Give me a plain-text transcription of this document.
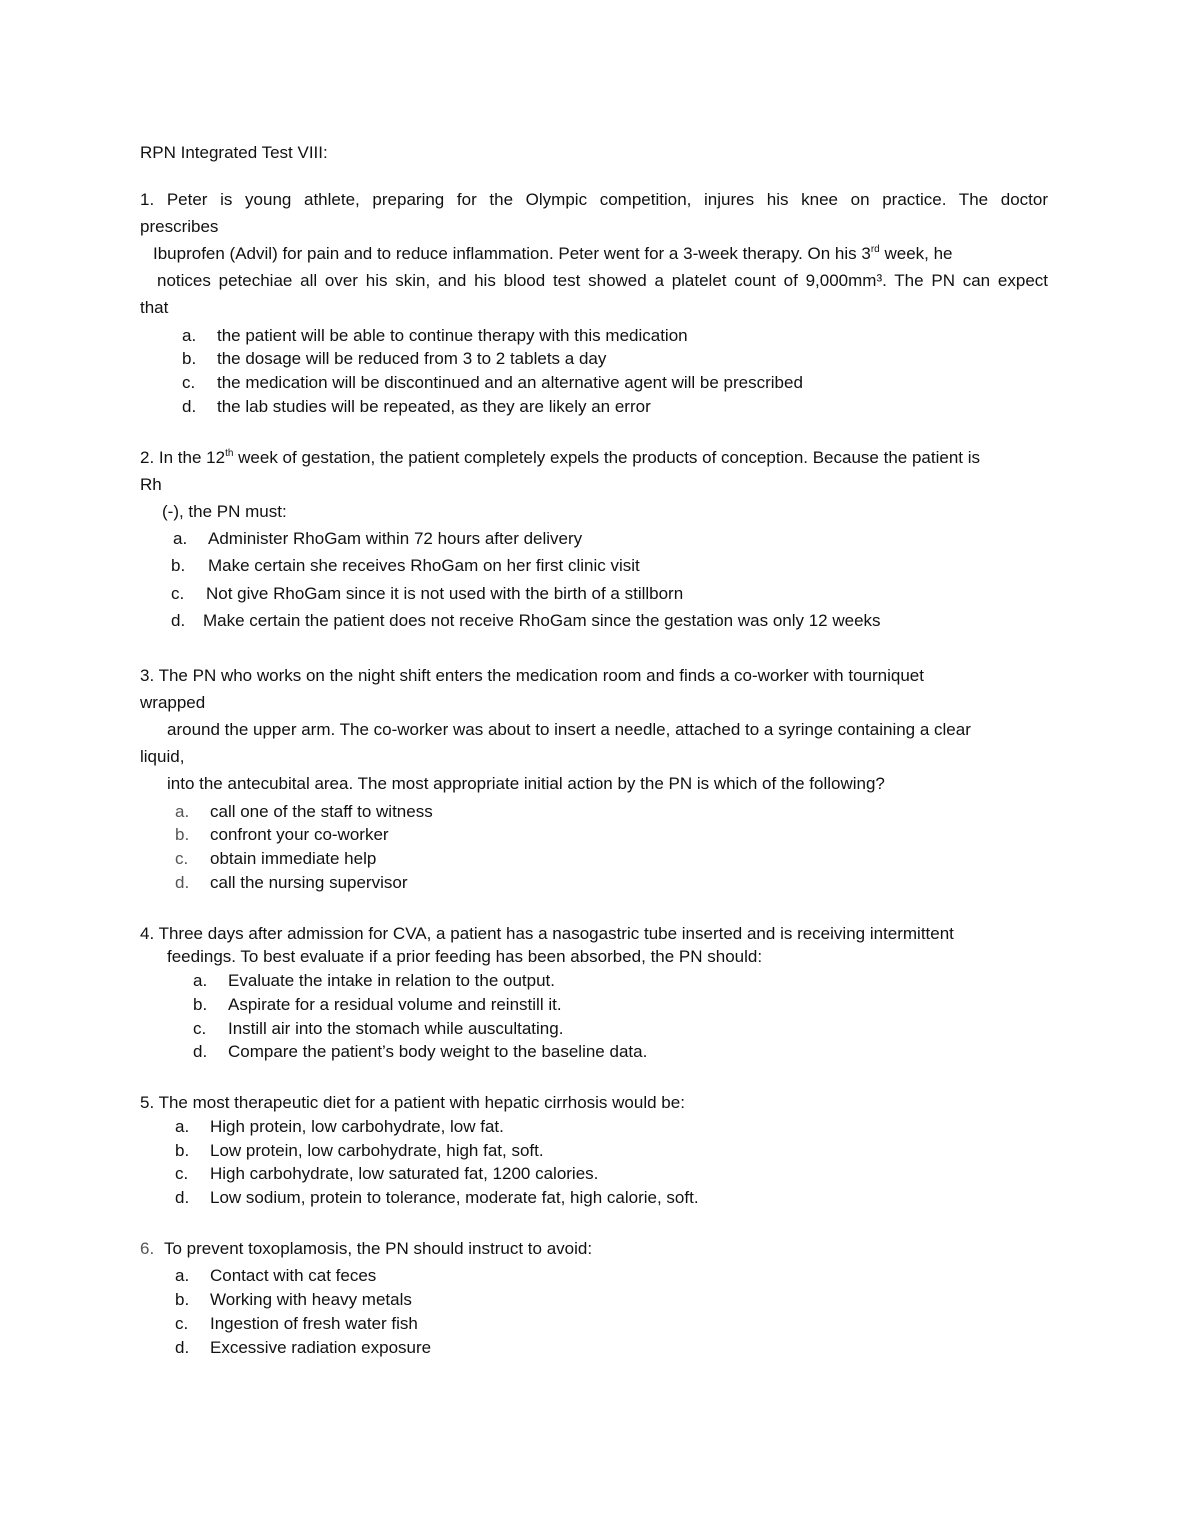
RPN Integrated Test VIII:
1. Peter is young athlete, preparing for the Olympic competition, injures his knee on practice. The doctor
prescribes
Ibuprofen (Advil) for pain and to reduce inflammation. Peter went for a 3-week therapy. On his 3rd week, he
notices petechiae all over his skin, and his blood test showed a platelet count of 9,000mm³. The PN can expect
that
a. the patient will be able to continue therapy with this medication
b. the dosage will be reduced from 3 to 2 tablets a day
c. the medication will be discontinued and an alternative agent will be prescribed
d. the lab studies will be repeated, as they are likely an error
2. In the 12th week of gestation, the patient completely expels the products of conception. Because the patient is
Rh
(-), the PN must:
a. Administer RhoGam within 72 hours after delivery
b. Make certain she receives RhoGam on her first clinic visit
c. Not give RhoGam since it is not used with the birth of a stillborn
d. Make certain the patient does not receive RhoGam since the gestation was only 12 weeks
3. The PN who works on the night shift enters the medication room and finds a co-worker with tourniquet
wrapped
around the upper arm. The co-worker was about to insert a needle, attached to a syringe containing a clear
liquid,
into the antecubital area. The most appropriate initial action by the PN is which of the following?
a. call one of the staff to witness
b. confront your co-worker
c. obtain immediate help
d. call the nursing supervisor
4. Three days after admission for CVA, a patient has a nasogastric tube inserted and is receiving intermittent
feedings. To best evaluate if a prior feeding has been absorbed, the PN should:
a. Evaluate the intake in relation to the output.
b. Aspirate for a residual volume and reinstill it.
c. Instill air into the stomach while auscultating.
d. Compare the patient’s body weight to the baseline data.
5. The most therapeutic diet for a patient with hepatic cirrhosis would be:
a. High protein, low carbohydrate, low fat.
b. Low protein, low carbohydrate, high fat, soft.
c. High carbohydrate, low saturated fat, 1200 calories.
d. Low sodium, protein to tolerance, moderate fat, high calorie, soft.
6. To prevent toxoplamosis, the PN should instruct to avoid:
a. Contact with cat feces
b. Working with heavy metals
c. Ingestion of fresh water fish
d. Excessive radiation exposure
